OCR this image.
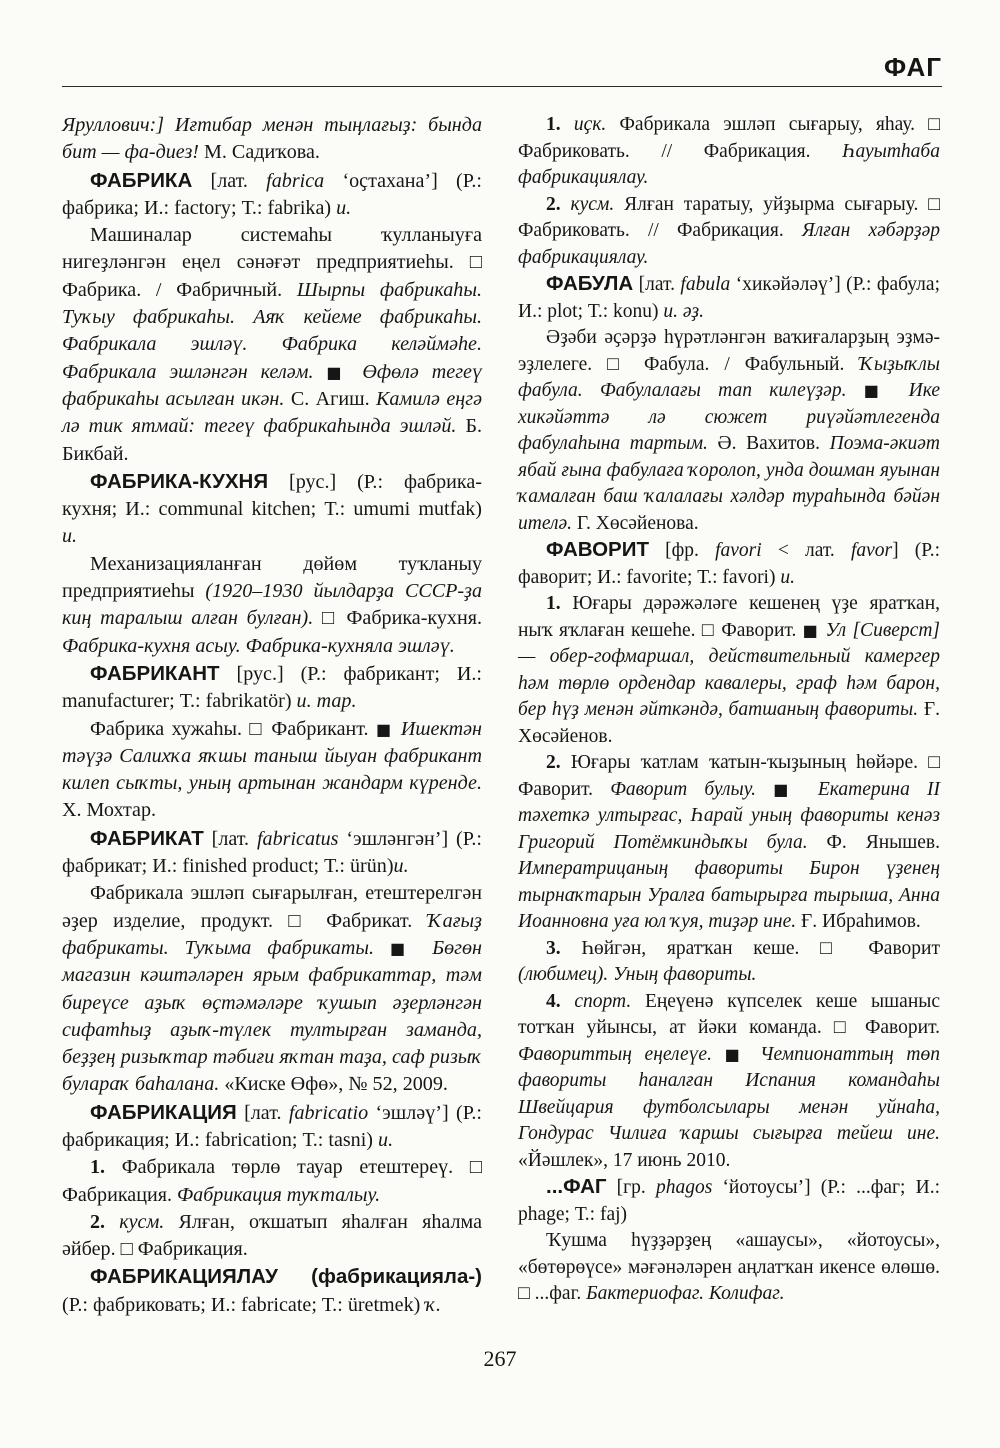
ФАГ

Яруллович:] Иғтибар менән тыңлағыҙ: бында бит — фа-диез! М. Садиҡова.

ФАБРИКА [лат. fabrica ‘оҫтахана’] (Р.: фабрика; И.: factory; Т.: fabrika) и.

Машиналар системаһы ҡулланыуға нигеҙләнгән еңел сәнәғәт предприятиеһы. □ Фабрика. / Фабричный. Шырпы фабрикаһы. Туҡыу фабрикаһы. Аяҡ кейеме фабрикаһы. Фабрикала эшләү. Фабрика келәймәһе. Фабрикала эшләнгән келәм. ■ Өфөлә тегеү фабрикаһы асылған икән. С. Агиш. Камилә еңгә лә тик ятмай: тегеү фабрикаһында эшләй. Б. Бикбай.

ФАБРИКА-КУХНЯ [рус.] (Р.: фабрика-кухня; И.: communal kitchen; Т.: umumi mutfak) и.

Механизацияланған дөйөм туҡланыу предприятиеһы (1920–1930 йылдарҙа СССР-ҙа киң таралыш алған булған). □ Фабрика-кухня. Фабрика-кухня асыу. Фабрика-кухняла эшләү.

ФАБРИКАНТ [рус.] (Р.: фабрикант; И.: manufacturer; Т.: fabrikatör) и. тар.

Фабрика хужаһы. □ Фабрикант. ■ Ишектән тәүҙә Салихҡа яҡшы таныш йыуан фабрикант килеп сыҡты, уның артынан жандарм күренде. Х. Мохтар.

ФАБРИКАТ [лат. fabricatus ‘эшләнгән’] (Р.: фабрикат; И.: finished product; Т.: ürün)и.

Фабрикала эшләп сығарылған, етештерелгән әҙер изделие, продукт. □ Фабрикат. Ҡағыҙ фабрикаты. Туҡыма фабрикаты. ■ Бөгөн магазин кәштәләрен ярым фабрикаттар, тәм биреүсе аҙыҡ өҫтәмәләре ҡушып әҙерләнгән сифатһыҙ аҙыҡ-түлек тултырған заманда, беҙҙең ризыҡтар тәбиғи яҡтан таҙа, саф ризыҡ булараҡ баһалана. «Киске Өфө», № 52, 2009.

ФАБРИКАЦИЯ [лат. fabricatio ‘эшләү’] (Р.: фабрикация; И.: fabrication; Т.: tasni) и.

1. Фабрикала төрлө тауар етештереү. □ Фабрикация. Фабрикация туҡталыу.

2. кусм. Ялған, оҡшатып яһалған яһалма әйбер. □ Фабрикация.

ФАБРИКАЦИЯЛАУ (фабрикацияла-) (Р.: фабриковать; И.: fabricate; Т.: üretmek) ҡ.

1. иҫк. Фабрикала эшләп сығарыу, яһау. □ Фабриковать. // Фабрикация. Һауытһаба фабрикациялау.

2. кусм. Ялған таратыу, уйҙырма сығарыу. □ Фабриковать. // Фабрикация. Ялған хәбәрҙәр фабрикациялау.

ФАБУЛА [лат. fabula ‘хикәйәләү’] (Р.: фабула; И.: plot; Т.: konu) и. әҙ.

Әҙәби әҫәрҙә һүрәтләнгән ваҡиғаларҙың эҙмә-эҙлелеге. □ Фабула. / Фабульный. Ҡыҙыҡлы фабула. Фабулалағы тап килеүҙәр. ■ Ике хикәйәттә лә сюжет риүәйәтлегенда фабулаһына тартым. Ә. Вахитов. Поэма-әкиәт ябай ғына фабулаға ҡоролоп, унда дошман яуынан ҡамалған баш ҡалалағы хәлдәр тураһында бәйән ителә. Г. Хөсәйенова.

ФАВОРИТ [фр. favori < лат. favor] (Р.: фаворит; И.: favorite; Т.: favori) и.

1. Юғары дәрәжәләге кешенең үҙе яратҡан, ныҡ яҡлаған кешеһе. □ Фаворит. ■ Ул [Сиверст] — обер-гофмаршал, действительный камергер һәм төрлө ордендар кавалеры, граф һәм барон, бер һүҙ менән әйткәндә, батшаның фавориты. Ғ. Хөсәйенов.

2. Юғары ҡатлам ҡатын-ҡыҙының һөйәре. □ Фаворит. Фаворит булыу. ■ Екатерина II тәхеткә ултырғас, Һарай уның фавориты кенәз Григорий Потёмкиндыҡы була. Ф. Янышев. Императрицаның фавориты Бирон үҙенең тырнаҡтарын Уралға батырырға тырыша, Анна Иоанновна уға юл ҡуя, тиҙәр ине. Ғ. Ибраһимов.

3. Һөйгән, яратҡан кеше. □ Фаворит (любимец). Уның фавориты.

4. спорт. Еңеүенә күпселек кеше ышаныс тотҡан уйынсы, ат йәки команда. □ Фаворит. Фавориттың еңелеүе. ■ Чемпионаттың төп фавориты һаналған Испания командаһы Швейцария футболсылары менән уйнаһа, Гондурас Чилиға ҡаршы сығырға тейеш ине. «Йәшлек», 17 июнь 2010.

...ФАГ [гр. phagos ‘йотоусы’] (Р.: ...фаг; И.: phage; Т.: faj)

Ҡушма һүҙҙәрҙең «ашаусы», «йотоусы», «бөтөрөүсе» мәғәнәләрен аңлатҡан икенсе өлөшө. □ ...фаг. Бактериофаг. Колифаг.

267
